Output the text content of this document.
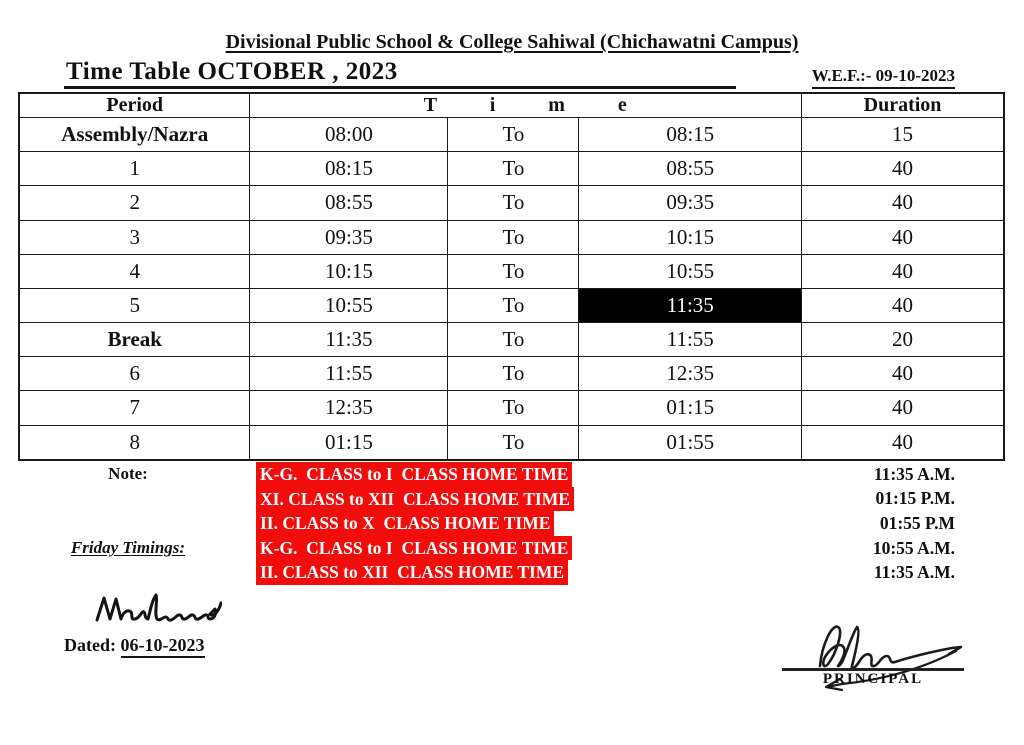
Divisional Public School & College Sahiwal (Chichawatni Campus)
Time Table OCTOBER , 2023	W.E.F.:- 09-10-2023
Period	T i m e			Duration
Assembly/Nazra	08:00	To	08:15	15
1	08:15	To	08:55	40
2	08:55	To	09:35	40
3	09:35	To	10:15	40
4	10:15	To	10:55	40
5	10:55	To	11:35	40
Break	11:35	To	11:55	20
6	11:55	To	12:35	40
7	12:35	To	01:15	40
8	01:15	To	01:55	40
Note:	K-G.  CLASS to I  CLASS HOME TIME	11:35 A.M.
XI. CLASS to XII  CLASS HOME TIME	01:15 P.M.
II. CLASS to X  CLASS HOME TIME	01:55 P.M
Friday Timings:	K-G.  CLASS to I  CLASS HOME TIME	10:55 A.M.
II. CLASS to XII  CLASS HOME TIME	11:35 A.M.
Dated: 06-10-2023
PRINCIPAL
